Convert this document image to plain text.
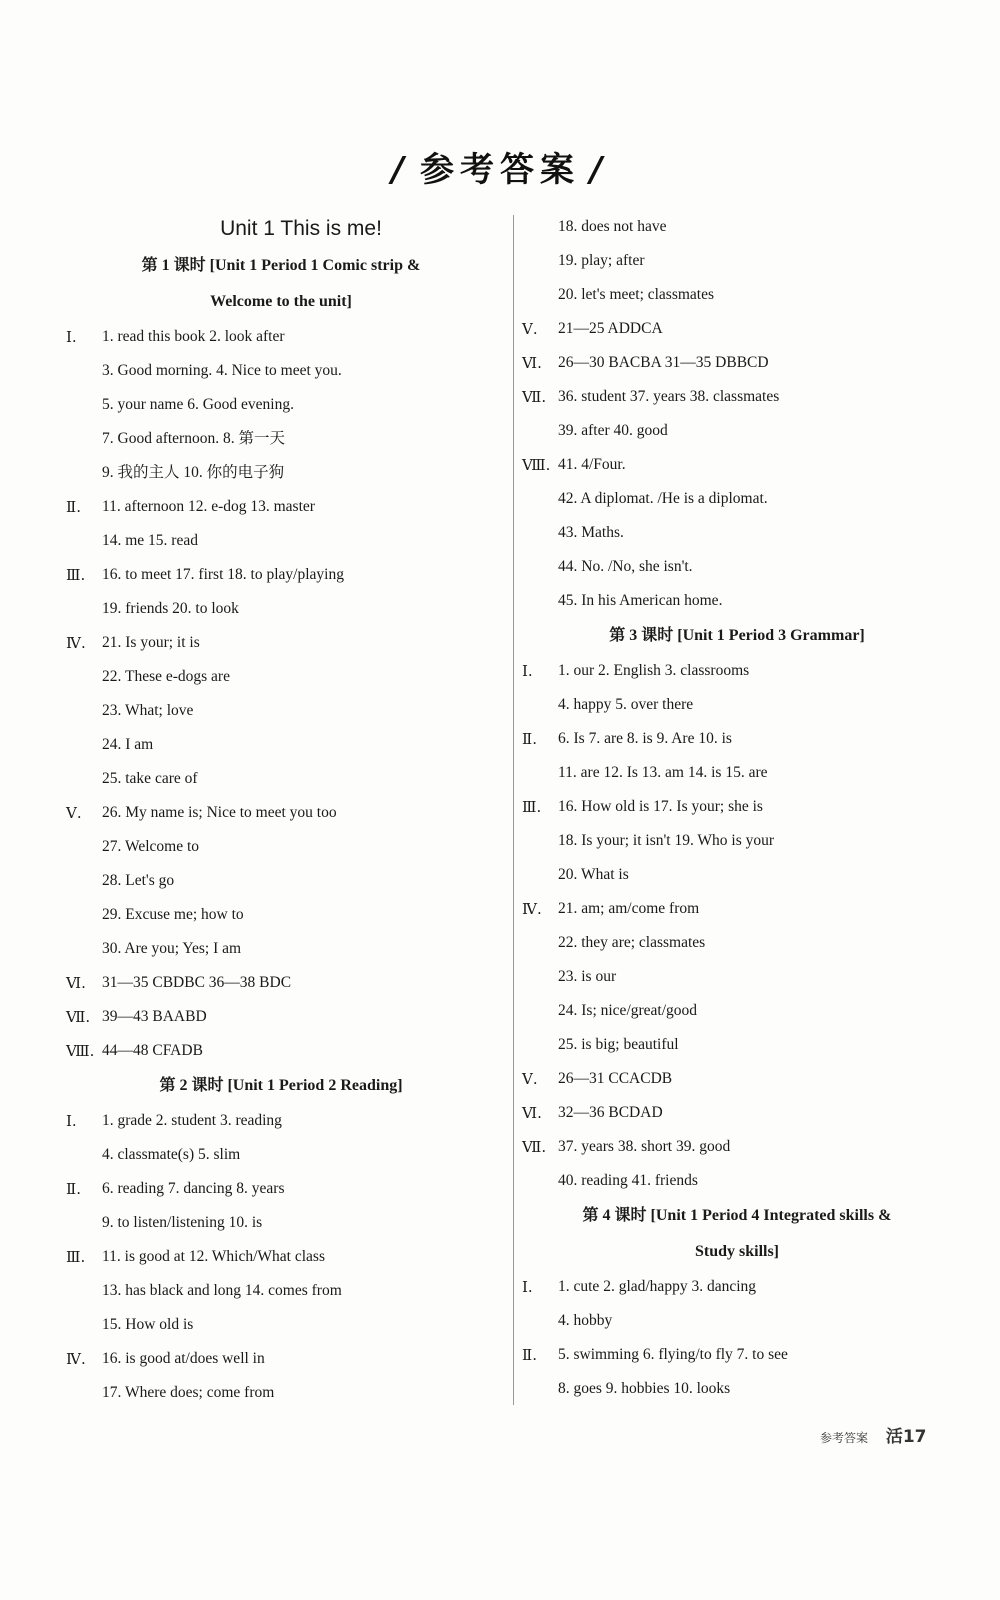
/ 参考答案 /
Unit 1 This is me!
第 1 课时 [Unit 1 Period 1 Comic strip &
Welcome to the unit]
Ⅰ.	1. read this book 2. look after
3. Good morning. 4. Nice to meet you.
5. your name 6. Good evening.
7. Good afternoon. 8. 第一天
9. 我的主人 10. 你的电子狗
Ⅱ.	11. afternoon 12. e-dog 13. master
14. me 15. read
Ⅲ.	16. to meet 17. first 18. to play/playing
19. friends 20. to look
Ⅳ.	21. Is your; it is
22. These e-dogs are
23. What; love
24. I am
25. take care of
Ⅴ.	26. My name is; Nice to meet you too
27. Welcome to
28. Let's go
29. Excuse me; how to
30. Are you; Yes; I am
Ⅵ.	31—35 CBDBC 36—38 BDC
Ⅶ. 39—43 BAABD
Ⅷ. 44—48 CFADB
第 2 课时 [Unit 1 Period 2 Reading]
Ⅰ.	1. grade 2. student 3. reading
4. classmate(s) 5. slim
Ⅱ.	6. reading 7. dancing 8. years
9. to listen/listening 10. is
Ⅲ.	11. is good at 12. Which/What class
13. has black and long 14. comes from
15. How old is
Ⅳ.	16. is good at/does well in
17. Where does; come from
18. does not have
19. play; after
20. let's meet; classmates
Ⅴ.	21—25 ADDCA
Ⅵ.	26—30 BACBA 31—35 DBBCD
Ⅶ. 36. student 37. years 38. classmates
39. after 40. good
Ⅷ. 41. 4/Four.
42. A diplomat. /He is a diplomat.
43. Maths.
44. No. /No, she isn't.
45. In his American home.
第 3 课时 [Unit 1 Period 3 Grammar]
Ⅰ.	1. our 2. English 3. classrooms
4. happy 5. over there
Ⅱ.	6. Is 7. are 8. is 9. Are 10. is
11. are 12. Is 13. am 14. is 15. are
Ⅲ.	16. How old is 17. Is your; she is
18. Is your; it isn't 19. Who is your
20. What is
Ⅳ.	21. am; am/come from
22. they are; classmates
23. is our
24. Is; nice/great/good
25. is big; beautiful
Ⅴ.	26—31 CCACDB
Ⅵ.	32—36 BCDAD
Ⅶ. 37. years 38. short 39. good
40. reading 41. friends
第 4 课时 [Unit 1 Period 4 Integrated skills &
Study skills]
Ⅰ.	1. cute 2. glad/happy 3. dancing
4. hobby
Ⅱ.	5. swimming 6. flying/to fly 7. to see
8. goes 9. hobbies 10. looks
参考答案 活17
